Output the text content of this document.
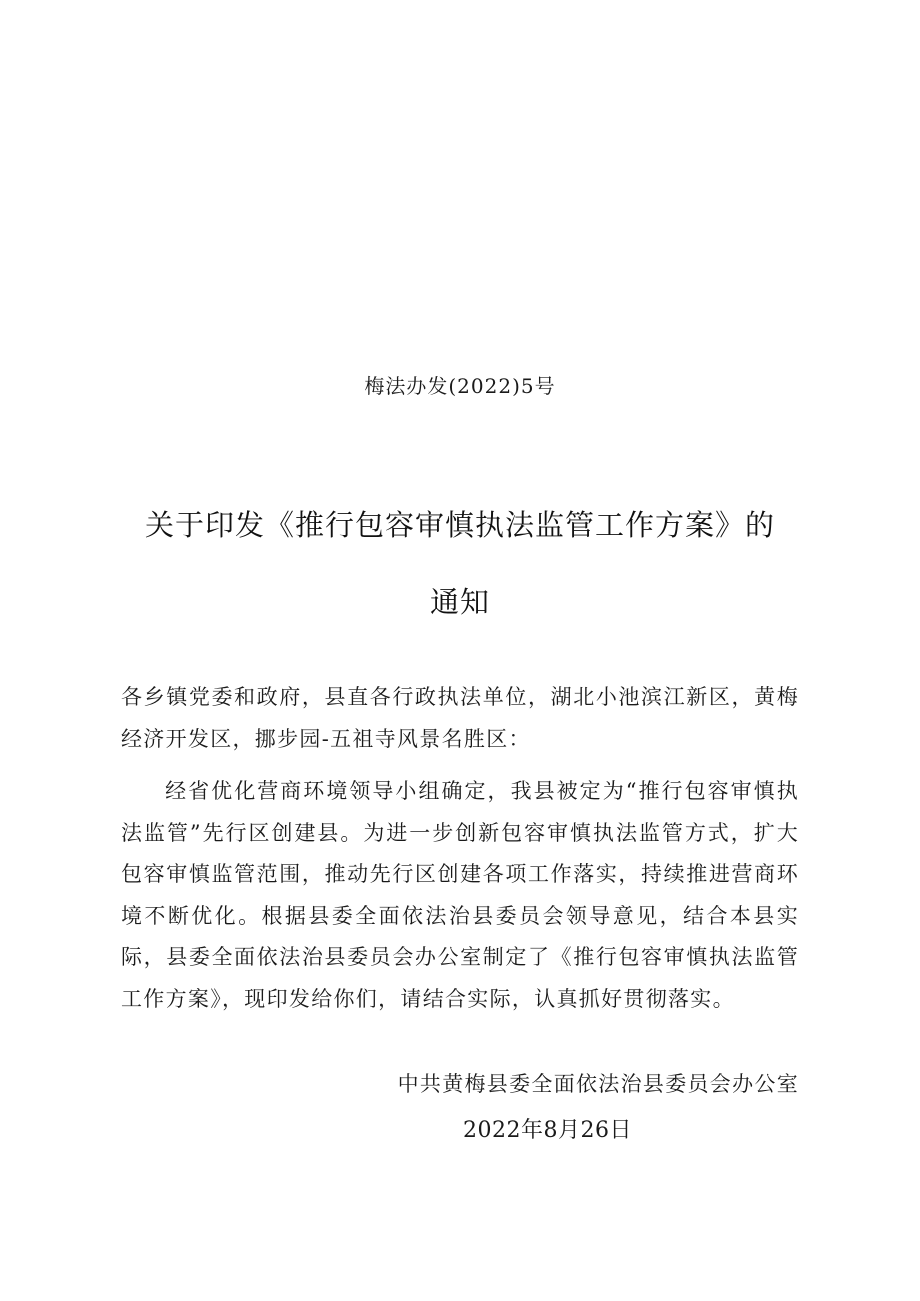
梅法办发(2022)5号
关于印发《推行包容审慎执法监管工作方案》的
通知
各乡镇党委和政府，县直各行政执法单位，湖北小池滨江新区，黄梅经济开发区，挪步园-五祖寺风景名胜区：
经省优化营商环境领导小组确定，我县被定为“推行包容审慎执法监管”先行区创建县。为进一步创新包容审慎执法监管方式，扩大包容审慎监管范围，推动先行区创建各项工作落实，持续推进营商环境不断优化。根据县委全面依法治县委员会领导意见，结合本县实际，县委全面依法治县委员会办公室制定了《推行包容审慎执法监管工作方案》，现印发给你们，请结合实际，认真抓好贯彻落实。
中共黄梅县委全面依法治县委员会办公室
2022年8月26日
